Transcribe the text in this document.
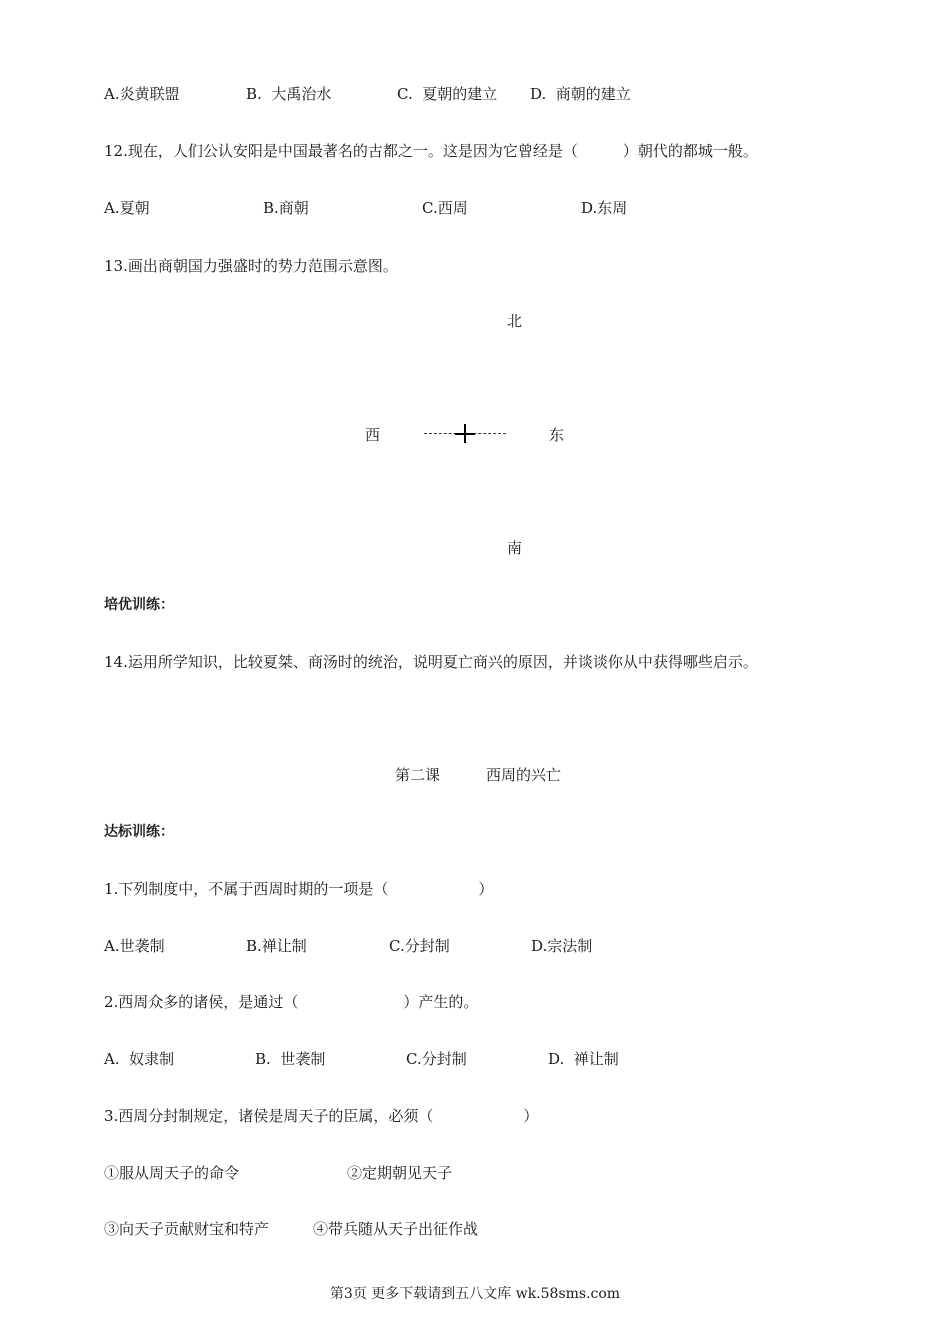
A.炎黄联盟	B.  大禹治水	C.  夏朝的建立 D.  商朝的建立
12.现在，人们公认安阳是中国最著名的古都之一。这是因为它曾经是（　　　）朝代的都城一般。
A.夏朝	B.商朝	C.西周	D.东周
13.画出商朝国力强盛时的势力范围示意图。
北
西	东
南
培优训练：
14.运用所学知识，比较夏桀、商汤时的统治，说明夏亡商兴的原因，并谈谈你从中获得哪些启示。
第二课	西周的兴亡
达标训练：
1.下列制度中，不属于西周时期的一项是（　　　　　　）
A.世袭制	B.禅让制	C.分封制	D.宗法制
2.西周众多的诸侯，是通过（　　　　　　　）产生的。
A.  奴隶制	B.  世袭制	C.分封制	D.  禅让制
3.西周分封制规定，诸侯是周天子的臣属，必须（　　　　　　）
①服从周天子的命令	②定期朝见天子
③向天子贡献财宝和特产	④带兵随从天子出征作战
第3页 更多下载请到五八文库 wk.58sms.com
